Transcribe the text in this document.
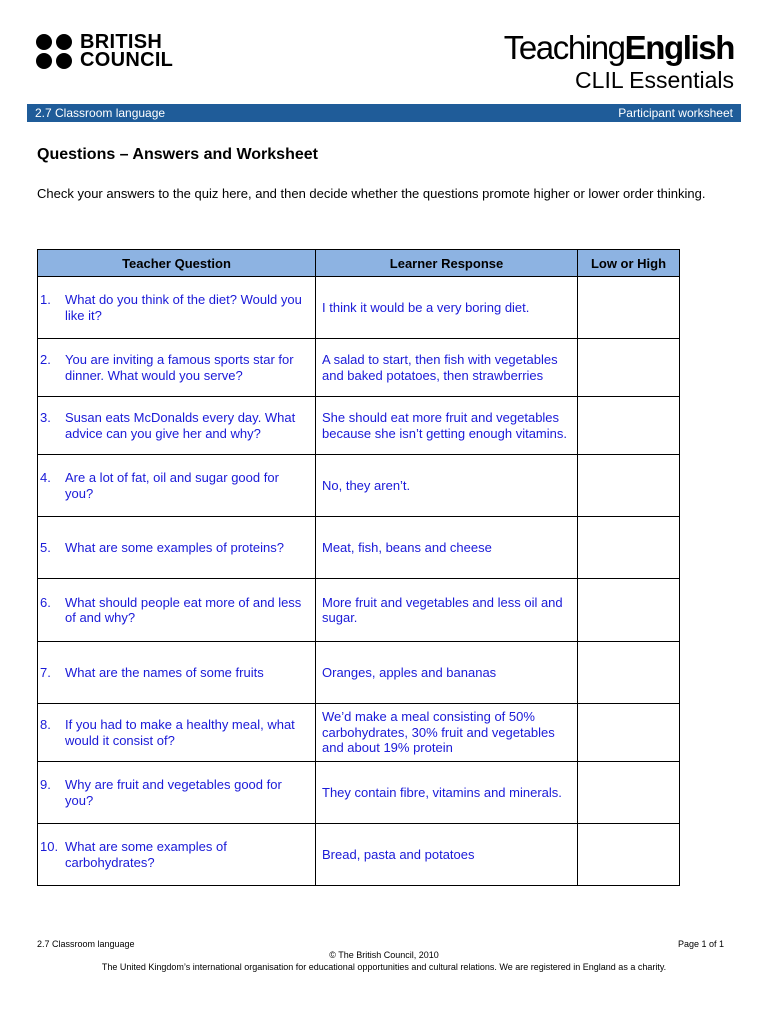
BRITISH
COUNCIL	TeachingEnglish
CLIL Essentials
2.7 Classroom language	Participant worksheet
Questions – Answers and Worksheet
Check your answers to the quiz here, and then decide whether the questions promote higher or lower order thinking.
Teacher Question	Learner Response	Low or High
1. What do you think of the diet? Would you like it?	I think it would be a very boring diet.	
2. You are inviting a famous sports star for dinner. What would you serve?	A salad to start, then fish with vegetables and baked potatoes, then strawberries	
3. Susan eats McDonalds every day. What advice can you give her and why?	She should eat more fruit and vegetables because she isn’t getting enough vitamins.	
4. Are a lot of fat, oil and sugar good for you?	No, they aren’t.	
5. What are some examples of proteins?	Meat, fish, beans and cheese	
6. What should people eat more of and less of and why?	More fruit and vegetables and less oil and sugar.	
7. What are the names of some fruits	Oranges, apples and bananas	
8. If you had to make a healthy meal, what would it consist of?	We’d make a meal consisting of 50% carbohydrates, 30% fruit and vegetables and about 19% protein	
9. Why are fruit and vegetables good for you?	They contain fibre, vitamins and minerals.	
10. What are some examples of carbohydrates?	Bread, pasta and potatoes	
2.7 Classroom language	Page 1 of 1
© The British Council, 2010
The United Kingdom’s international organisation for educational opportunities and cultural relations. We are registered in England as a charity.
